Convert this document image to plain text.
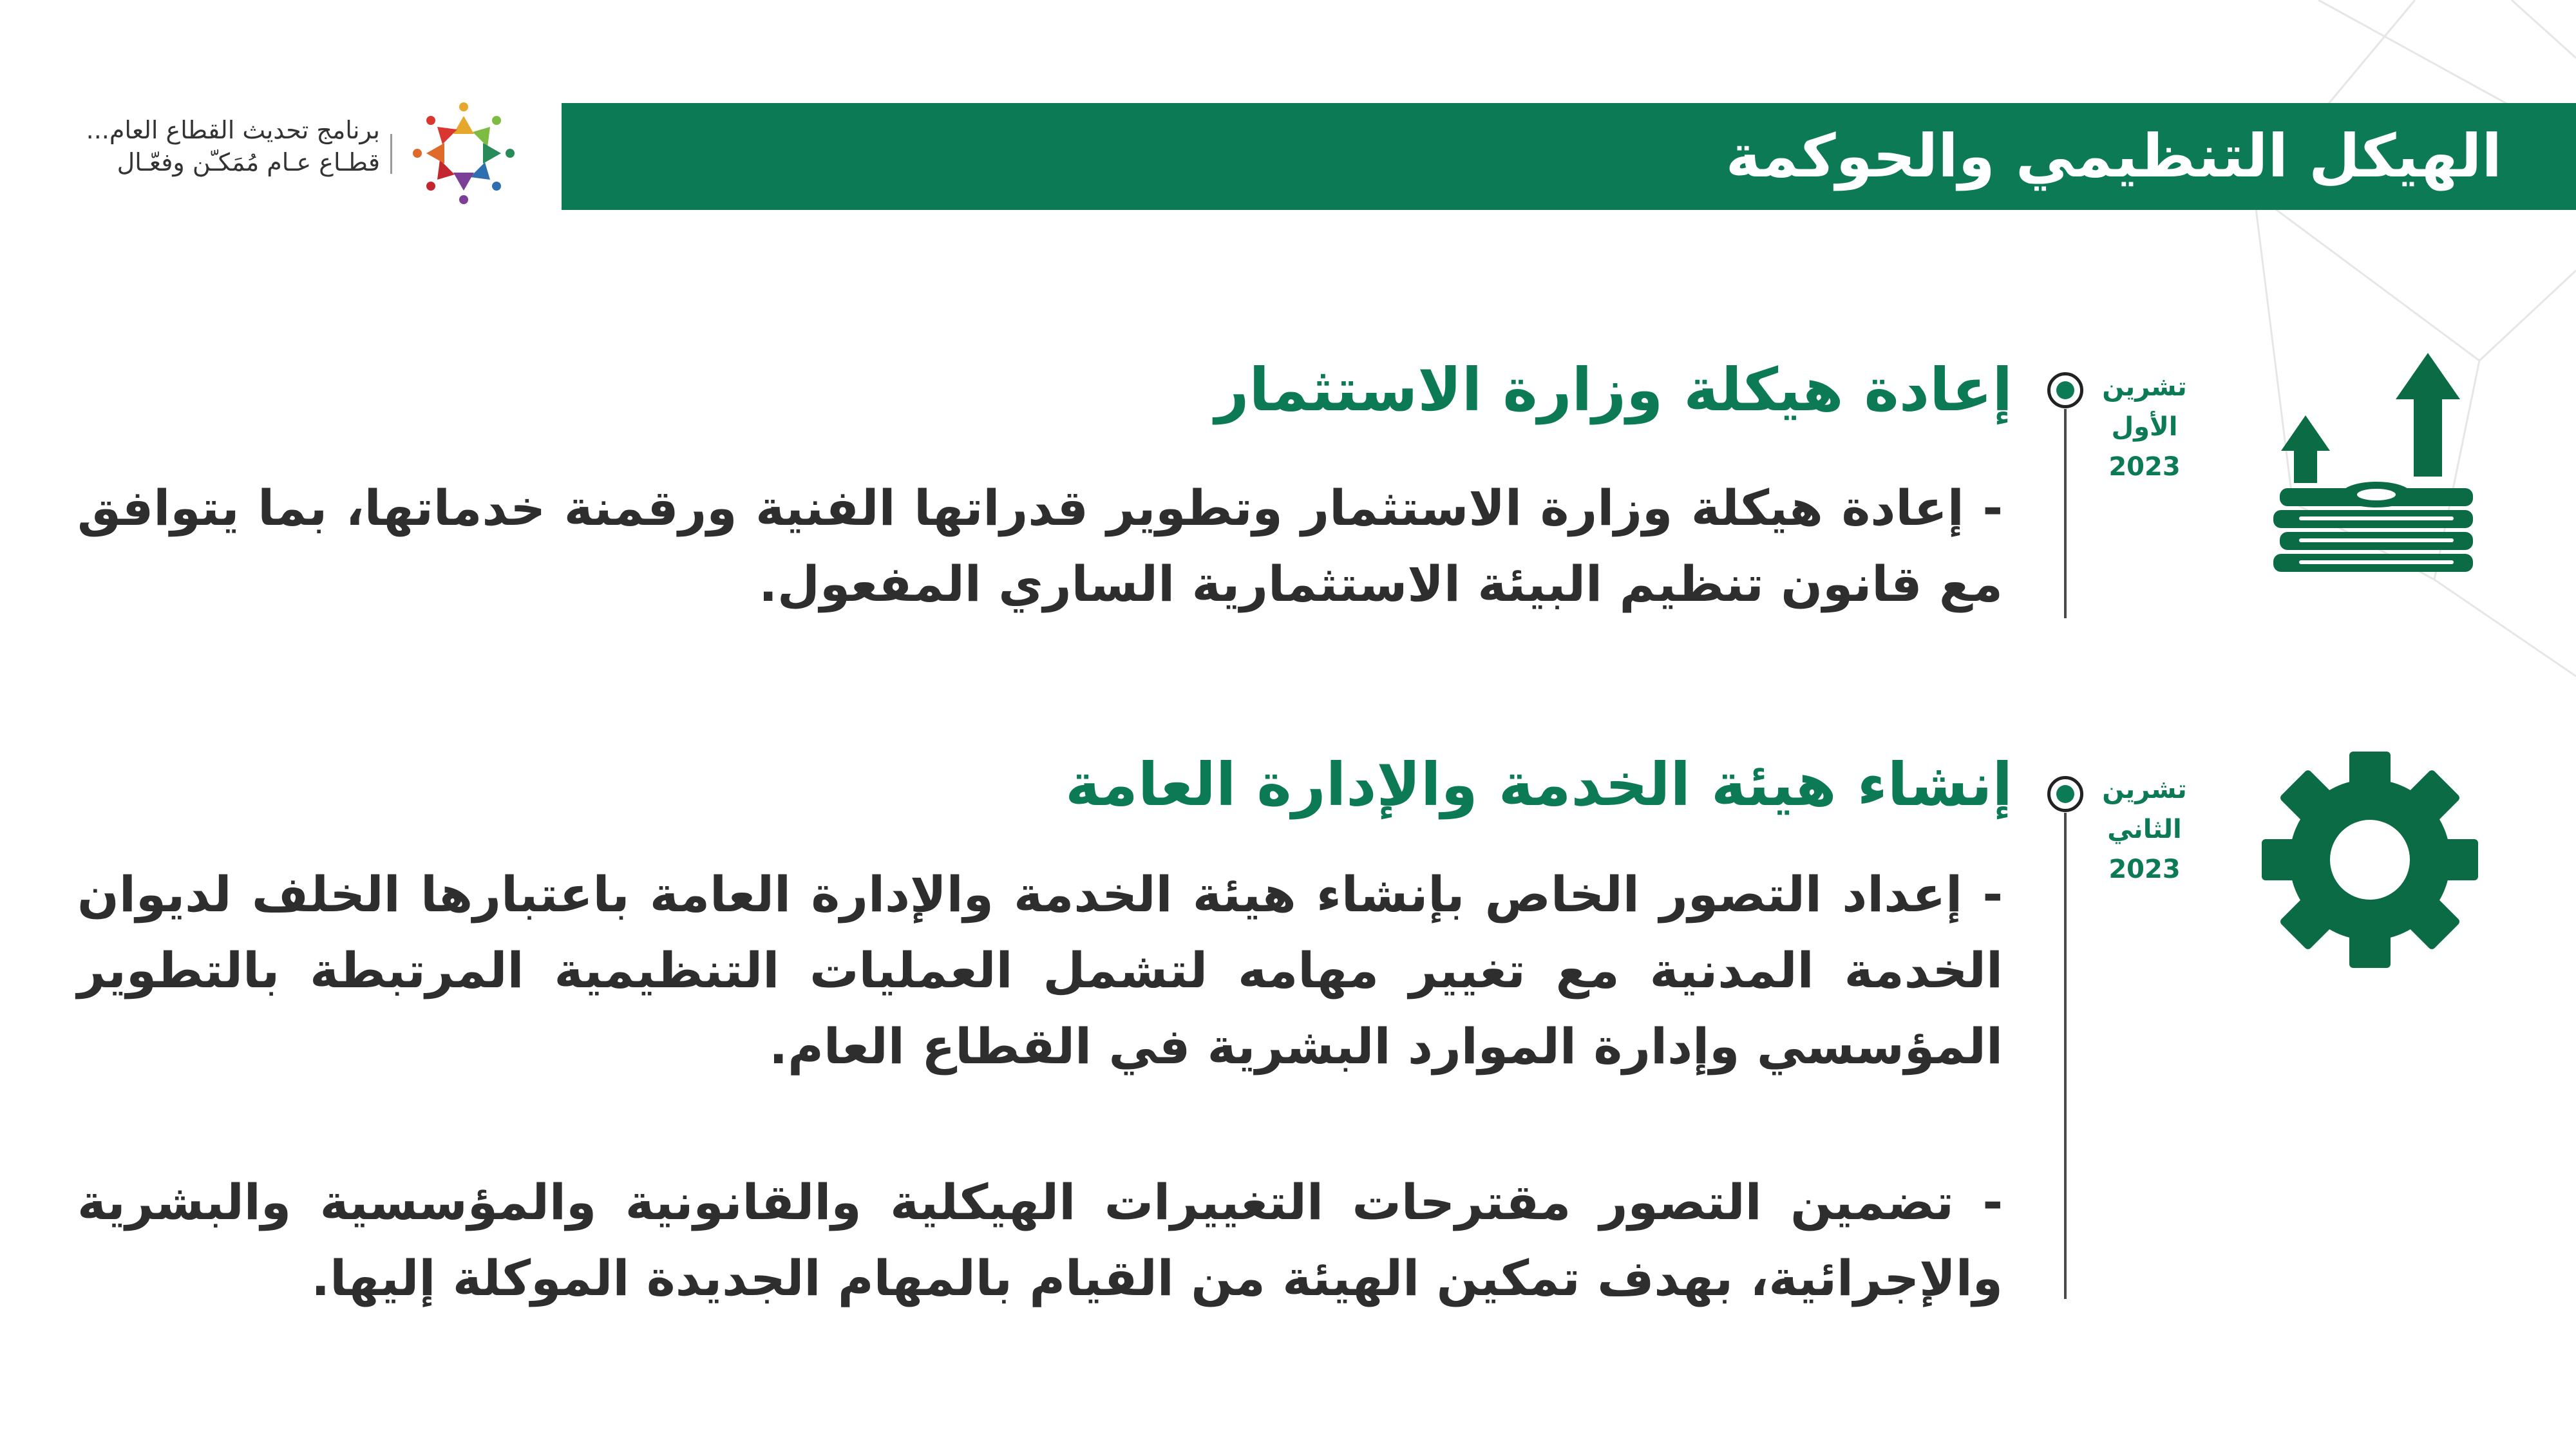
الهيكل التنظيمي والحوكمة
برنامج تحديث القطاع العام...
قطـاع عـام مُمَكـّن وفعّـال
تشرين
الأول
2023
إعادة هيكلة وزارة الاستثمار
- إعادة هيكلة وزارة الاستثمار وتطوير قدراتها الفنية ورقمنة خدماتها، بما يتوافق مع قانون تنظيم البيئة الاستثمارية الساري المفعول.
تشرين
الثاني
2023
إنشاء هيئة الخدمة والإدارة العامة
- إعداد التصور الخاص بإنشاء هيئة الخدمة والإدارة العامة باعتبارها الخلف لديوان الخدمة المدنية مع تغيير مهامه لتشمل العمليات التنظيمية المرتبطة بالتطوير المؤسسي وإدارة الموارد البشرية في القطاع العام.
- تضمين التصور مقترحات التغييرات الهيكلية والقانونية والمؤسسية والبشرية والإجرائية، بهدف تمكين الهيئة من القيام بالمهام الجديدة الموكلة إليها.
